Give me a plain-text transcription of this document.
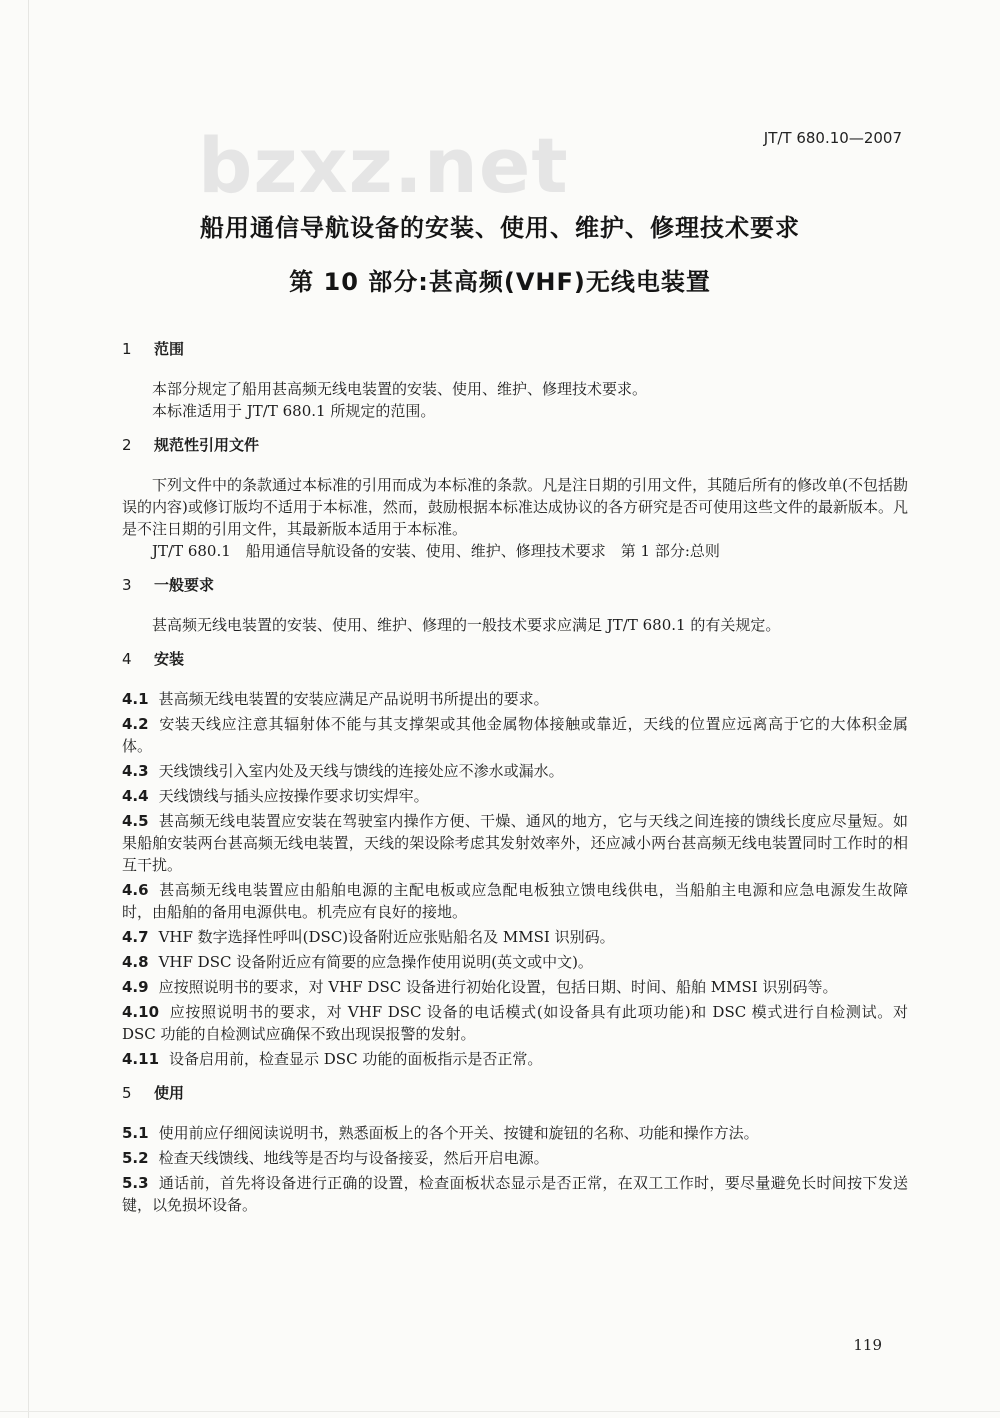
bzxz.net	JT/T 680.10—2007
船用通信导航设备的安装、使用、维护、修理技术要求
第 10 部分:甚高频(VHF)无线电装置
1	范围

本部分规定了船用甚高频无线电装置的安装、使用、维护、修理技术要求。

本标准适用于 JT/T 680.1 所规定的范围。

2	规范性引用文件

下列文件中的条款通过本标准的引用而成为本标准的条款。凡是注日期的引用文件，其随后所有的修改单(不包括勘误的内容)或修订版均不适用于本标准，然而，鼓励根据本标准达成协议的各方研究是否可使用这些文件的最新版本。凡是不注日期的引用文件，其最新版本适用于本标准。

JT/T 680.1　船用通信导航设备的安装、使用、维护、修理技术要求　第 1 部分:总则

3	一般要求

甚高频无线电装置的安装、使用、维护、修理的一般技术要求应满足 JT/T 680.1 的有关规定。

4	安装

4.1 甚高频无线电装置的安装应满足产品说明书所提出的要求。

4.2 安装天线应注意其辐射体不能与其支撑架或其他金属物体接触或靠近，天线的位置应远离高于它的大体积金属体。

4.3 天线馈线引入室内处及天线与馈线的连接处应不渗水或漏水。

4.4 天线馈线与插头应按操作要求切实焊牢。

4.5 甚高频无线电装置应安装在驾驶室内操作方便、干燥、通风的地方，它与天线之间连接的馈线长度应尽量短。如果船舶安装两台甚高频无线电装置，天线的架设除考虑其发射效率外，还应减小两台甚高频无线电装置同时工作时的相互干扰。

4.6 甚高频无线电装置应由船舶电源的主配电板或应急配电板独立馈电线供电，当船舶主电源和应急电源发生故障时，由船舶的备用电源供电。机壳应有良好的接地。

4.7 VHF 数字选择性呼叫(DSC)设备附近应张贴船名及 MMSI 识别码。

4.8 VHF DSC 设备附近应有简要的应急操作使用说明(英文或中文)。

4.9 应按照说明书的要求，对 VHF DSC 设备进行初始化设置，包括日期、时间、船舶 MMSI 识别码等。

4.10 应按照说明书的要求，对 VHF DSC 设备的电话模式(如设备具有此项功能)和 DSC 模式进行自检测试。对 DSC 功能的自检测试应确保不致出现误报警的发射。

4.11 设备启用前，检查显示 DSC 功能的面板指示是否正常。

5	使用

5.1 使用前应仔细阅读说明书，熟悉面板上的各个开关、按键和旋钮的名称、功能和操作方法。

5.2 检查天线馈线、地线等是否均与设备接妥，然后开启电源。

5.3 通话前，首先将设备进行正确的设置，检查面板状态显示是否正常，在双工工作时，要尽量避免长时间按下发送键，以免损坏设备。

119
